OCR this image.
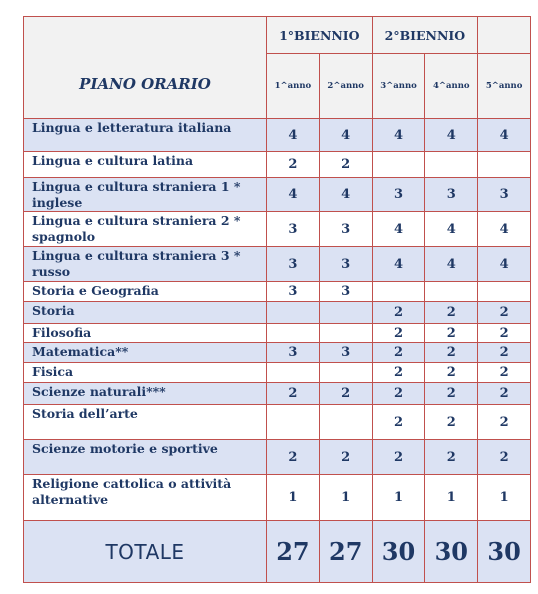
PIANO ORARIO	1°BIENNIO		2°BIENNIO		
	1^anno	2^anno	3^anno	4^anno	5^anno

Lingua e letteratura italiana	4	4	4	4	4

Lingua e cultura latina	2	2			

Lingua e cultura straniera 1 *
inglese	4	4	3	3	3

Lingua e cultura straniera 2 *
spagnolo	3	3	4	4	4

Lingua e cultura straniera 3 *
russo	3	3	4	4	4

Storia e Geografia	3	3			

Storia			2	2	2

Filosofia			2	2	2

Matematica**	3	3	2	2	2

Fisica			2	2	2

Scienze naturali***	2	2	2	2	2

Storia dell’arte			2	2	2

Scienze motorie e sportive	2	2	2	2	2

Religione cattolica o attività
alternative	1	1	1	1	1
TOTALE	27	27	30	30	30
